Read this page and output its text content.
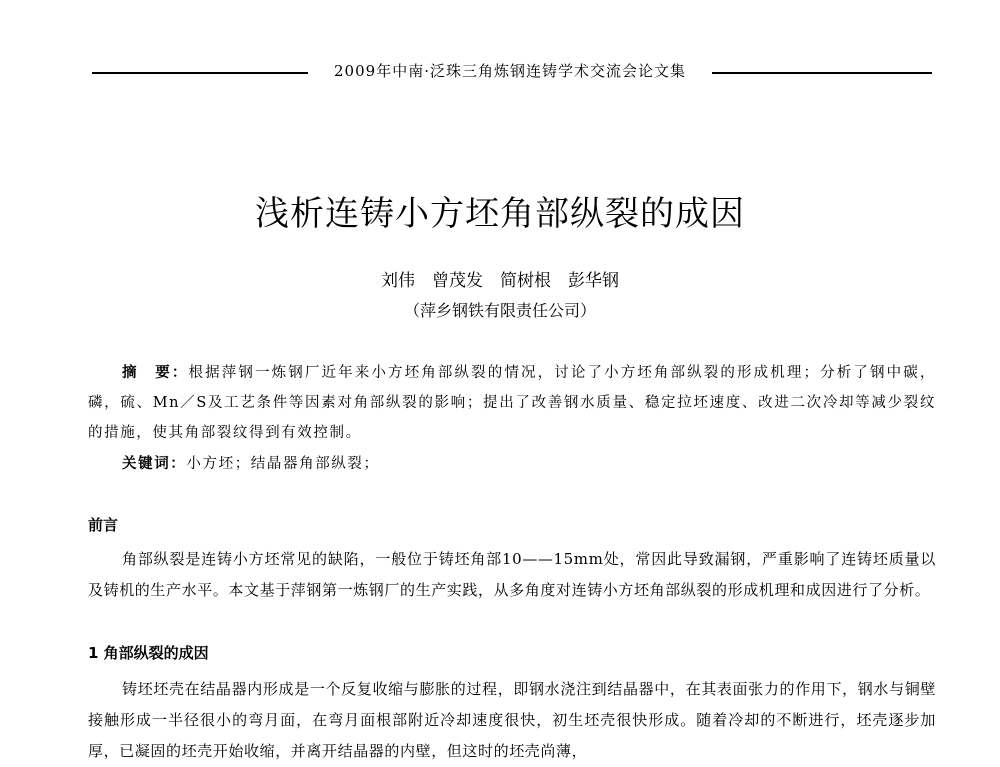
2009年中南·泛珠三角炼钢连铸学术交流会论文集
浅析连铸小方坯角部纵裂的成因
刘伟　曾茂发　简树根　彭华钢
（萍乡钢铁有限责任公司）
摘　要：根据萍钢一炼钢厂近年来小方坯角部纵裂的情况，讨论了小方坯角部纵裂的形成机理；分析了钢中碳，磷，硫、Mn／S及工艺条件等因素对角部纵裂的影响；提出了改善钢水质量、稳定拉坯速度、改进二次冷却等减少裂纹的措施，使其角部裂纹得到有效控制。
关键词：小方坯；结晶器角部纵裂；
前言
角部纵裂是连铸小方坯常见的缺陷，一般位于铸坯角部10——15mm处，常因此导致漏钢，严重影响了连铸坯质量以及铸机的生产水平。本文基于萍钢第一炼钢厂的生产实践，从多角度对连铸小方坯角部纵裂的形成机理和成因进行了分析。
1 角部纵裂的成因
铸坯坯壳在结晶器内形成是一个反复收缩与膨胀的过程，即钢水浇注到结晶器中，在其表面张力的作用下，钢水与铜壁接触形成一半径很小的弯月面，在弯月面根部附近冷却速度很快，初生坯壳很快形成。随着冷却的不断进行，坯壳逐步加厚，已凝固的坯壳开始收缩，并离开结晶器的内壁，但这时的坯壳尚薄，
